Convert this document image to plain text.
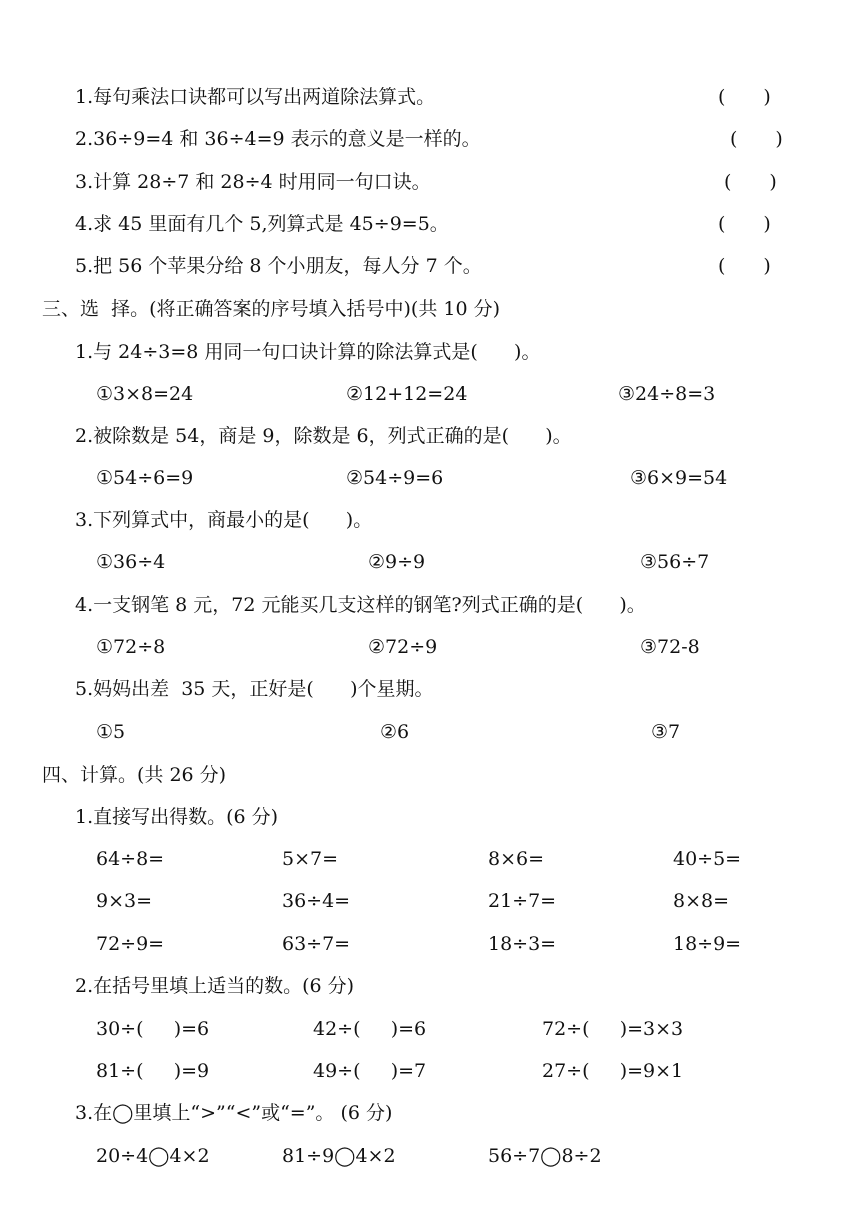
1.每句乘法口诀都可以写出两道除法算式。	(　　)
2.36÷9=4 和 36÷4=9 表示的意义是一样的。	(　　)
3.计算 28÷7 和 28÷4 时用同一句口诀。	(　　)
4.求 45 里面有几个 5,列算式是 45÷9=5。	(　　)
5.把 56 个苹果分给 8 个小朋友，每人分 7 个。	(　　)
三、选  择。(将正确答案的序号填入括号中)(共 10 分)
1.与 24÷3=8 用同一句口诀计算的除法算式是(      )。
①3×8=24	②12+12=24	③24÷8=3
2.被除数是 54，商是 9，除数是 6，列式正确的是(      )。
①54÷6=9	②54÷9=6	③6×9=54
3.下列算式中，商最小的是(      )。
①36÷4	②9÷9	③56÷7
4.一支钢笔 8 元，72 元能买几支这样的钢笔?列式正确的是(      )。
①72÷8	②72÷9	③72-8
5.妈妈出差  35 天，正好是(      )个星期。
①5	②6	③7
四、计算。(共 26 分)
1.直接写出得数。(6 分)
64÷8=	5×7=	8×6=	40÷5=
9×3=	36÷4=	21÷7=	8×8=
72÷9=	63÷7=	18÷3=	18÷9=
2.在括号里填上适当的数。(6 分)
30÷(     )=6	42÷(     )=6	72÷(     )=3×3
81÷(     )=9	49÷(     )=7	27÷(     )=9×1
3.在◯里填上“>”“<”或“=”。 (6 分)
20÷4◯4×2	81÷9◯4×2	56÷7◯8÷2
